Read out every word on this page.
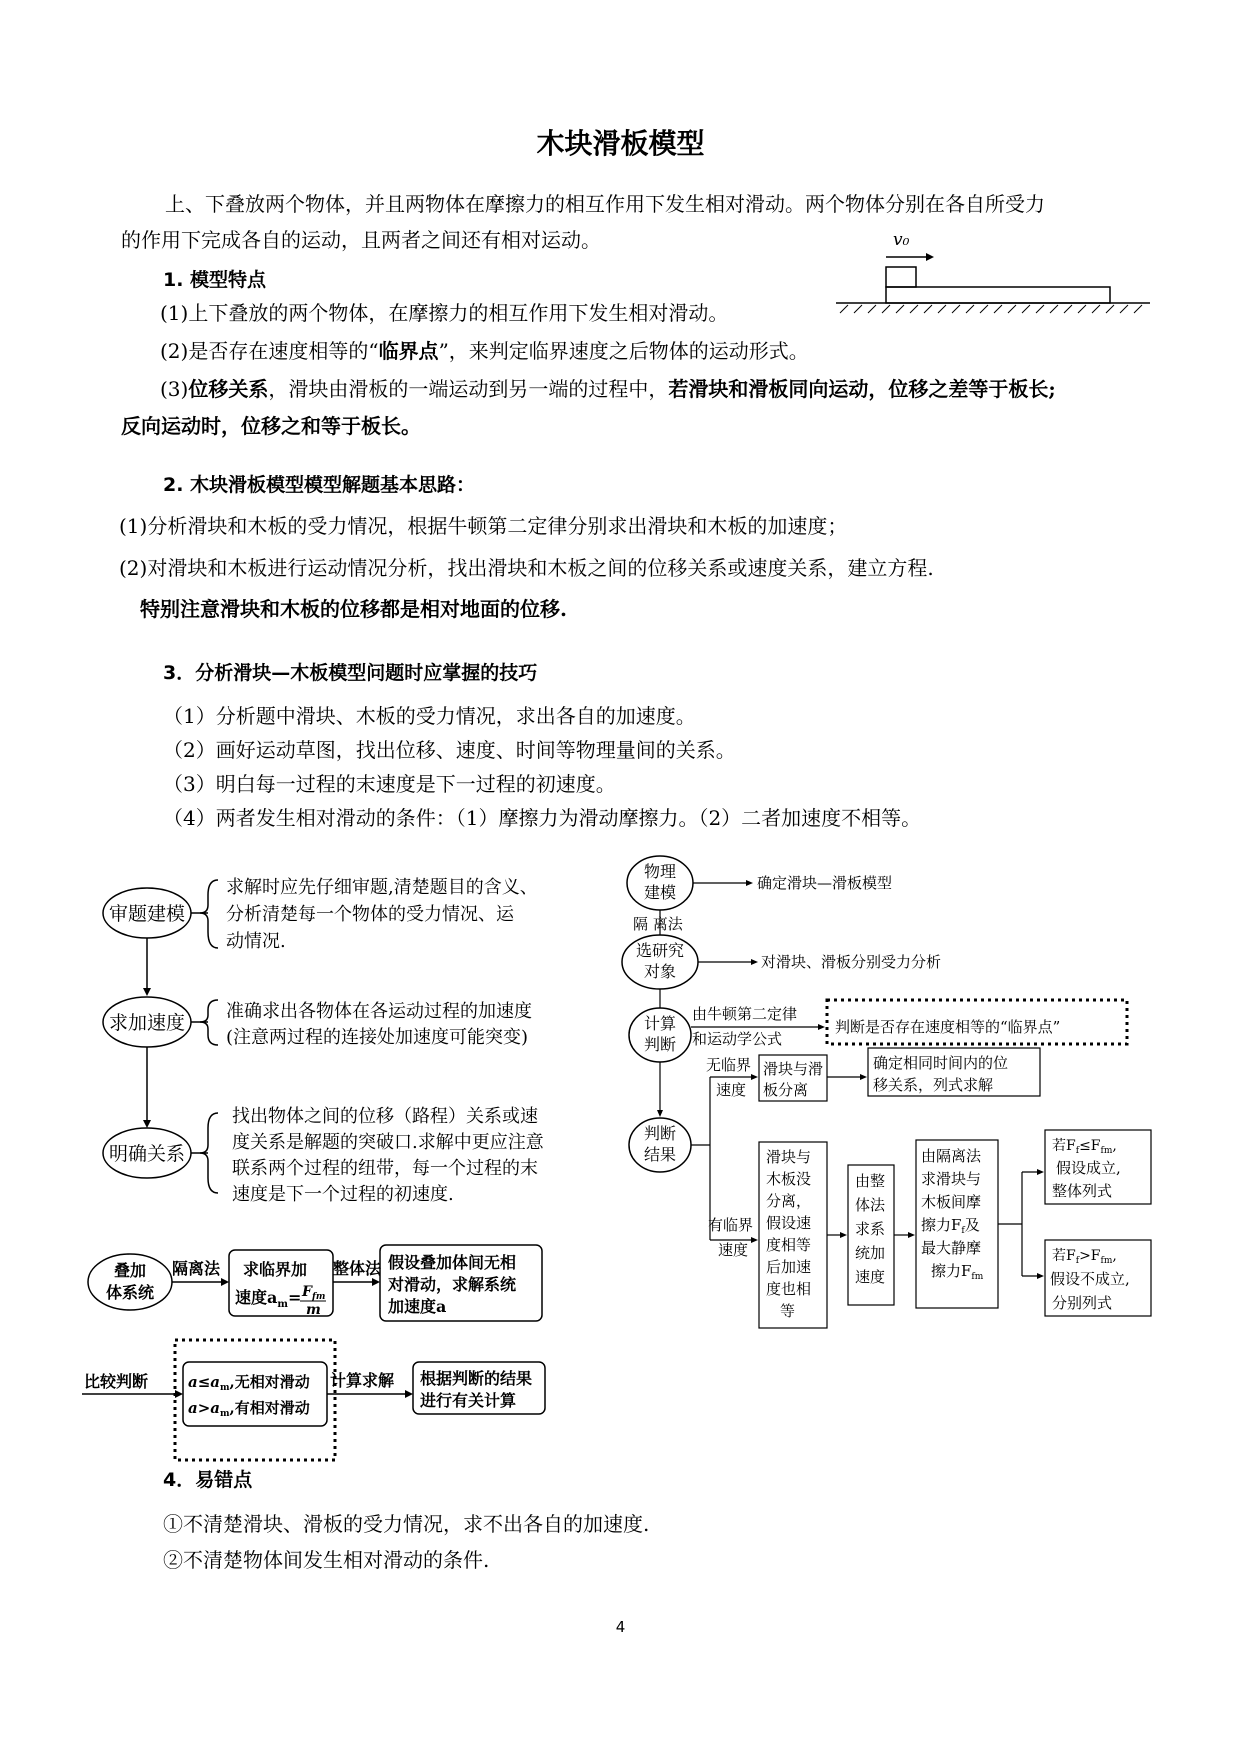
木块滑板模型
上、下叠放两个物体，并且两物体在摩擦力的相互作用下发生相对滑动。两个物体分别在各自所受力
的作用下完成各自的运动，且两者之间还有相对运动。
1. 模型特点
(1)上下叠放的两个物体，在摩擦力的相互作用下发生相对滑动。
(2)是否存在速度相等的“临界点”，来判定临界速度之后物体的运动形式。
(3)位移关系，滑块由滑板的一端运动到另一端的过程中，若滑块和滑板同向运动，位移之差等于板长;
反向运动时，位移之和等于板长。
v₀
2. 木块滑板模型模型解题基本思路：
(1)分析滑块和木板的受力情况，根据牛顿第二定律分别求出滑块和木板的加速度；
(2)对滑块和木板进行运动情况分析，找出滑块和木板之间的位移关系或速度关系，建立方程.
特别注意滑块和木板的位移都是相对地面的位移.
3．分析滑块—木板模型问题时应掌握的技巧
（1）分析题中滑块、木板的受力情况，求出各自的加速度。
（2）画好运动草图，找出位移、速度、时间等物理量间的关系。
（3）明白每一过程的末速度是下一过程的初速度。
（4）两者发生相对滑动的条件：（1）摩擦力为滑动摩擦力。（2）二者加速度不相等。
审题建模
求解时应先仔细审题,清楚题目的含义、
分析清楚每一个物体的受力情况、运
动情况.
求加速度
准确求出各物体在各运动过程的加速度
(注意两过程的连接处加速度可能突变)
明确关系
找出物体之间的位移（路程）关系或速
度关系是解题的突破口.求解中更应注意
联系两个过程的纽带，每一个过程的末
速度是下一个过程的初速度.
叠加
体系统
隔离法 求临界加
速度$a_m= F_{fm}$
m
整体法 假设叠加体间无相
对滑动，求解系统
加速度a
比较判断	$a\le a_m$,无相对滑动
$a>a_m$,有相对滑动
计算求解 根据判断的结果
进行有关计算
物理
建模	确定滑块—滑板模型
隔 离法
选研究
对象	对滑块、滑板分别受力分析
计算
判断
由牛顿第二定律
和运动学公式
判断是否存在速度相等的“临界点”
判断
结果
无临界
速度
滑块与滑
板分离
确定相同时间内的位
移关系，列式求解
有临界
速度
滑块与
木板没
分离，
假设速
度相等
后加速
度也相
等
由整
体法
求系
统加
速度
由隔离法
求滑块与
木板间摩
擦力$F_f$及
最大静摩
擦力$F_{fm}$
若$F_f\le F_{fm}$,
假设成立,
整体列式
若$F_f>F_{fm}$,
假设不成立,
分别列式
4．易错点
①不清楚滑块、滑板的受力情况，求不出各自的加速度.
②不清楚物体间发生相对滑动的条件.
4
